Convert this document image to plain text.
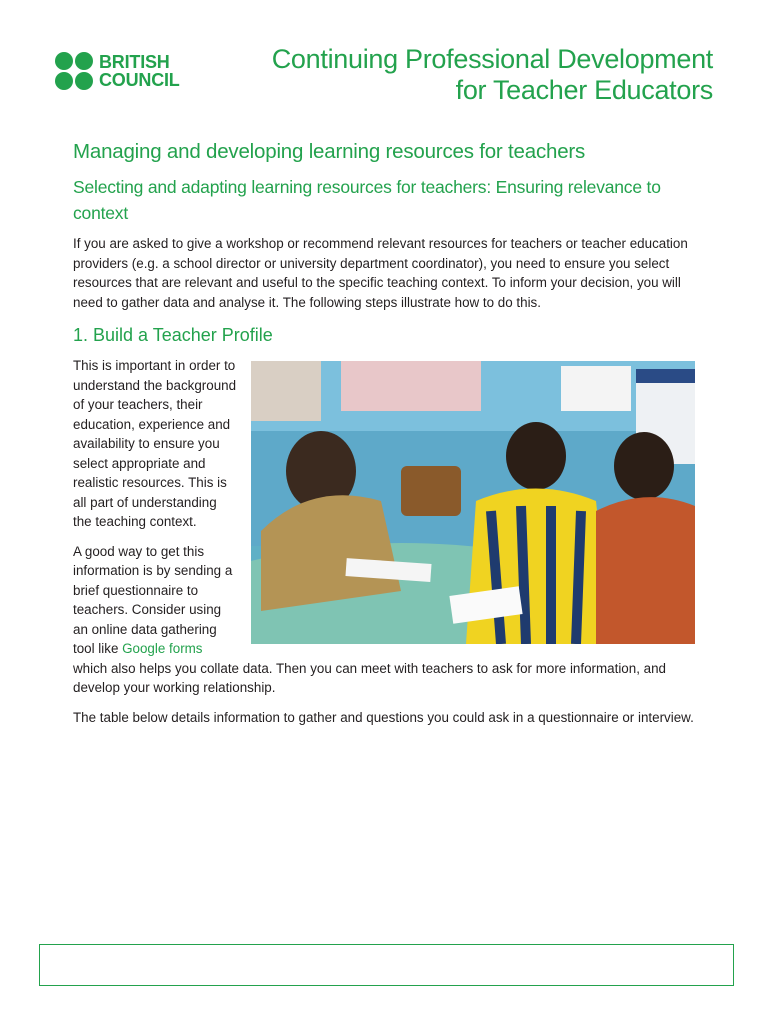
BRITISH
COUNCIL
Continuing Professional Development
for Teacher Educators
Managing and developing learning resources for teachers
Selecting and adapting learning resources for teachers: Ensuring relevance to context

If you are asked to give a workshop or recommend relevant resources for teachers or teacher education providers (e.g. a school director or university department coordinator), you need to ensure you select resources that are relevant and useful to the specific teaching context. To inform your decision, you will need to gather data and analyse it. The following steps illustrate how to do this.

1. Build a Teacher Profile

This is important in order to understand the background of your teachers, their education, experience and availability to ensure you select appropriate and realistic resources. This is all part of understanding the teaching context.

A good way to get this information is by sending a brief questionnaire to teachers. Consider using an online data gathering tool like Google forms which also helps you collate data. Then you can meet with teachers to ask for more information, and develop your working relationship.

The table below details information to gather and questions you could ask in a questionnaire or interview.
